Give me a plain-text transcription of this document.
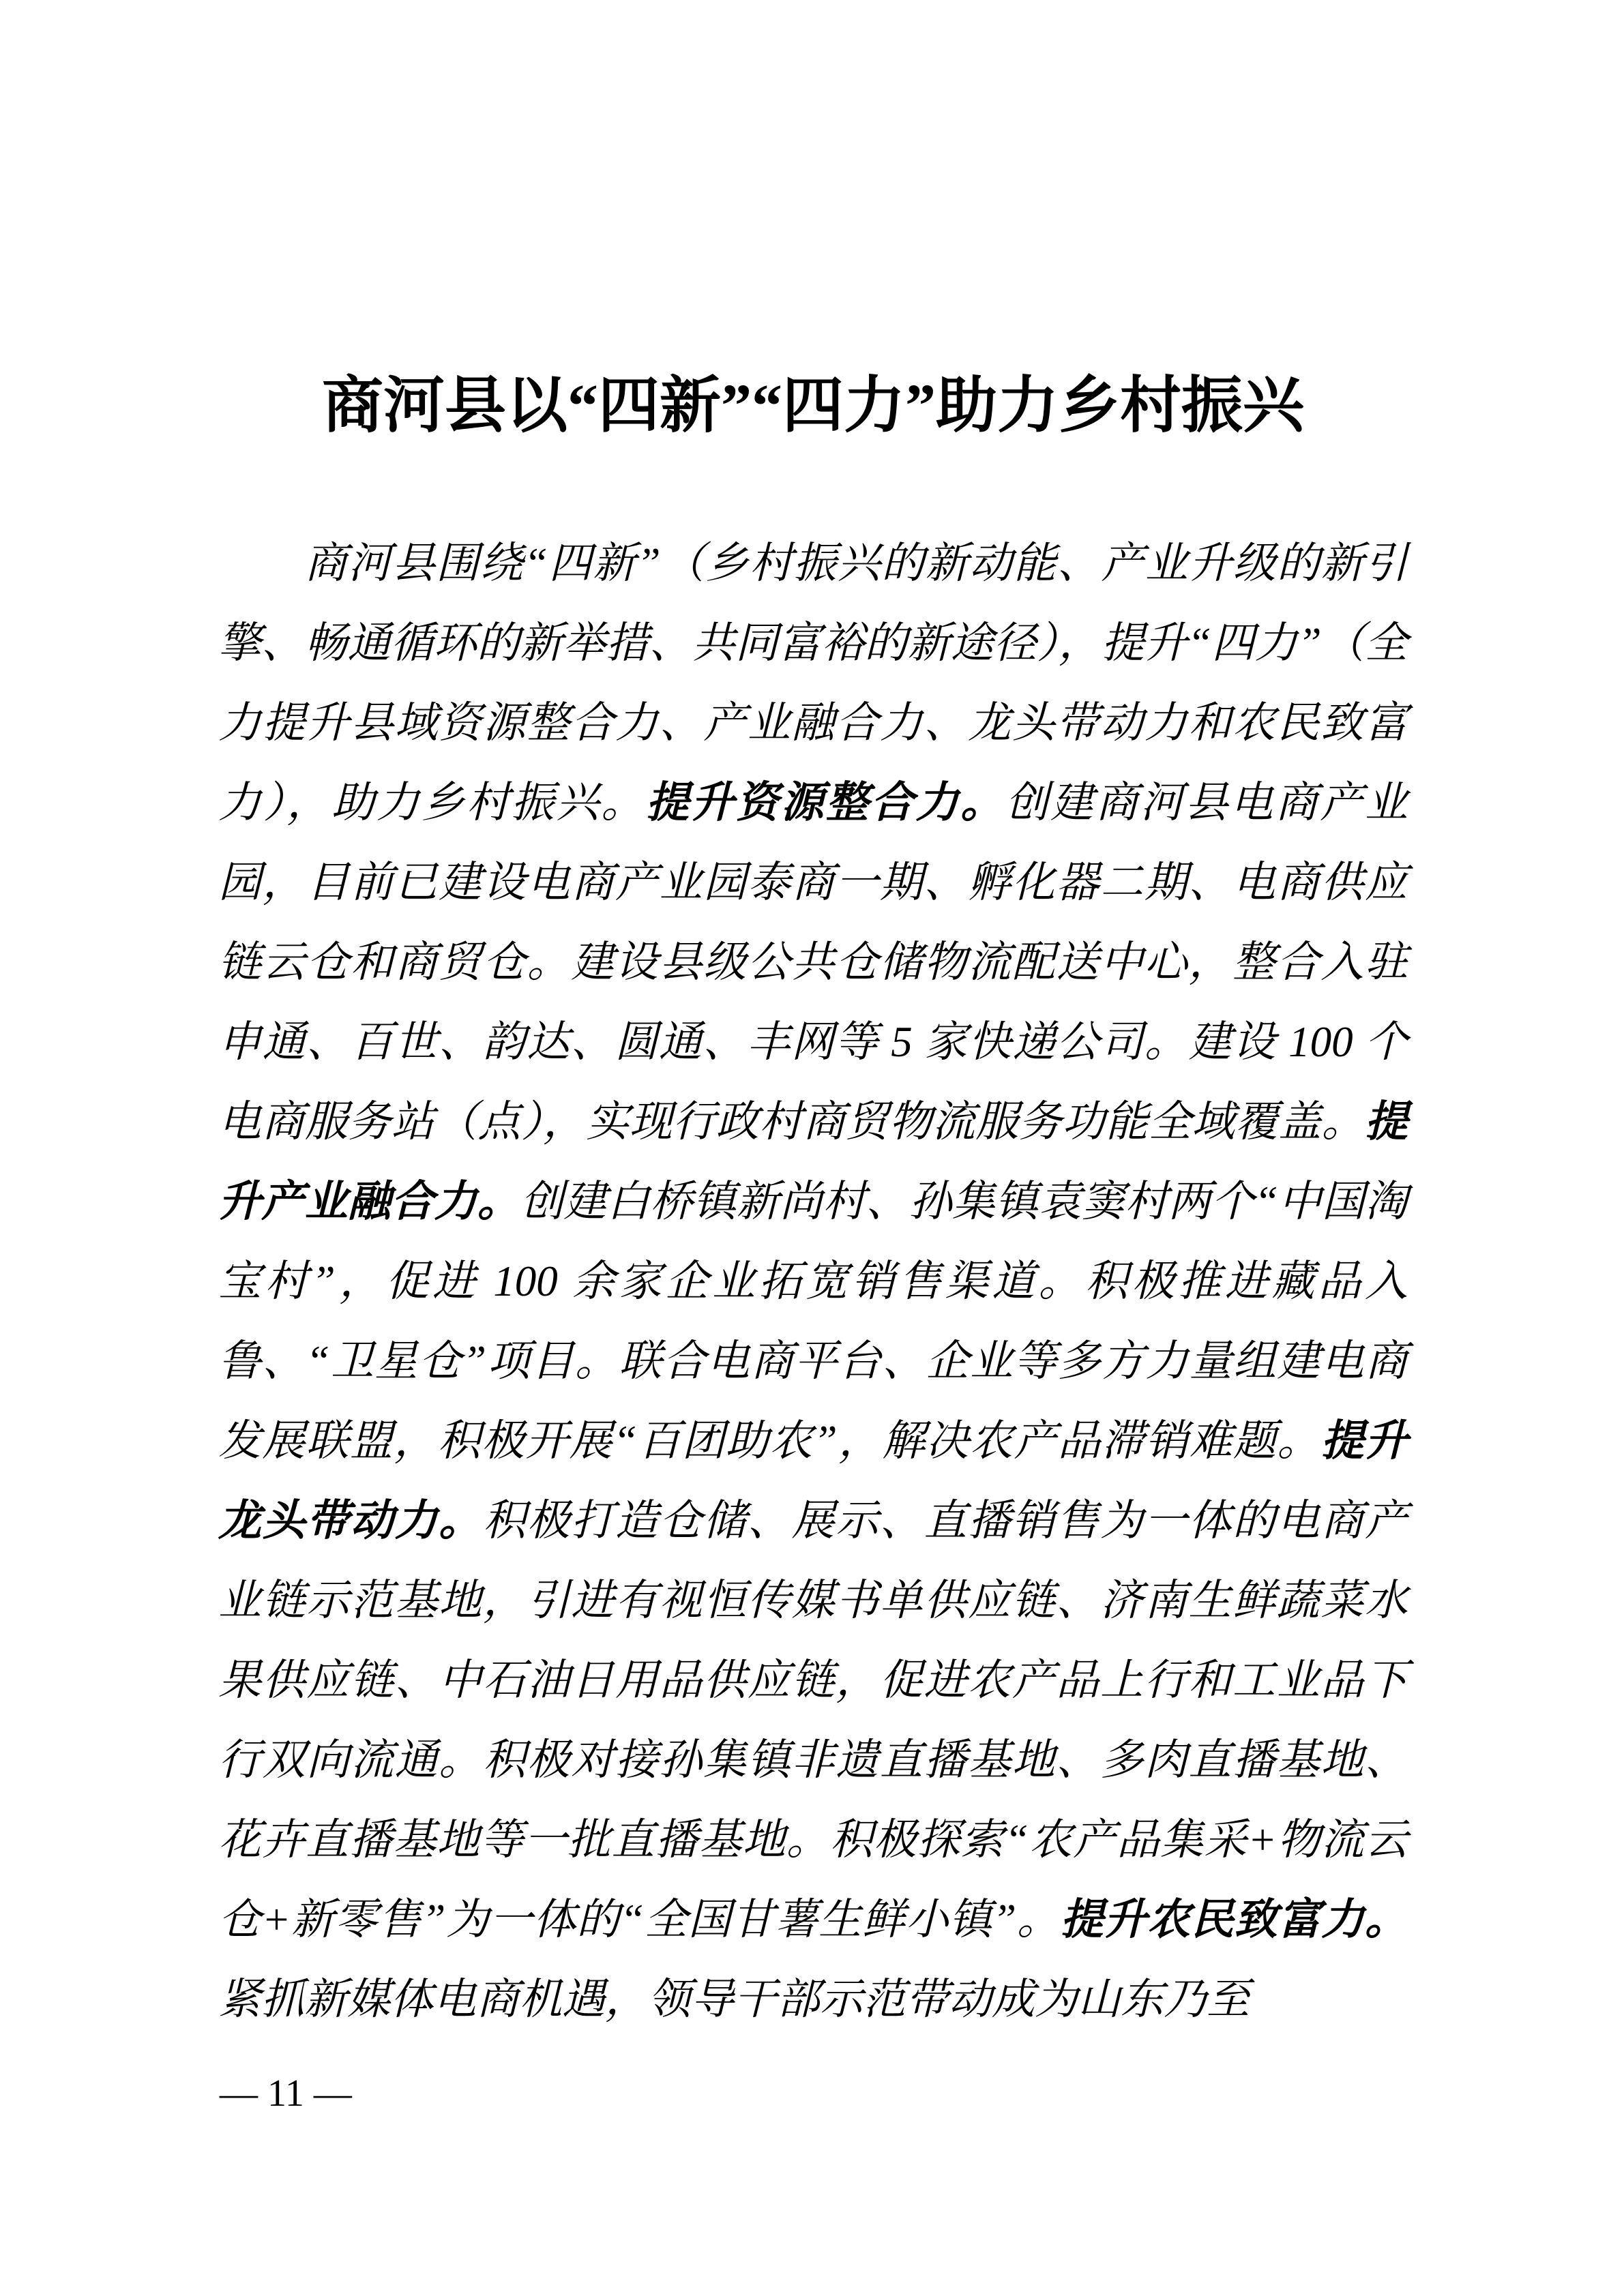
商河县以“四新”“四力”助力乡村振兴

商河县围绕“四新”（乡村振兴的新动能、产业升级的新引擎、畅通循环的新举措、共同富裕的新途径），提升“四力”（全力提升县域资源整合力、产业融合力、龙头带动力和农民致富力），助力乡村振兴。提升资源整合力。创建商河县电商产业园，目前已建设电商产业园泰商一期、孵化器二期、电商供应链云仓和商贸仓。建设县级公共仓储物流配送中心，整合入驻申通、百世、韵达、圆通、丰网等 5 家快递公司。建设 100 个电商服务站（点），实现行政村商贸物流服务功能全域覆盖。提升产业融合力。创建白桥镇新尚村、孙集镇袁窦村两个“中国淘宝村”，促进 100 余家企业拓宽销售渠道。积极推进藏品入鲁、“卫星仓”项目。联合电商平台、企业等多方力量组建电商发展联盟，积极开展“百团助农”，解决农产品滞销难题。提升龙头带动力。积极打造仓储、展示、直播销售为一体的电商产业链示范基地，引进有视恒传媒书单供应链、济南生鲜蔬菜水果供应链、中石油日用品供应链，促进农产品上行和工业品下行双向流通。积极对接孙集镇非遗直播基地、多肉直播基地、花卉直播基地等一批直播基地。积极探索“农产品集采+物流云仓+新零售”为一体的“全国甘薯生鲜小镇”。提升农民致富力。紧抓新媒体电商机遇，领导干部示范带动成为山东乃至

— 11 —
